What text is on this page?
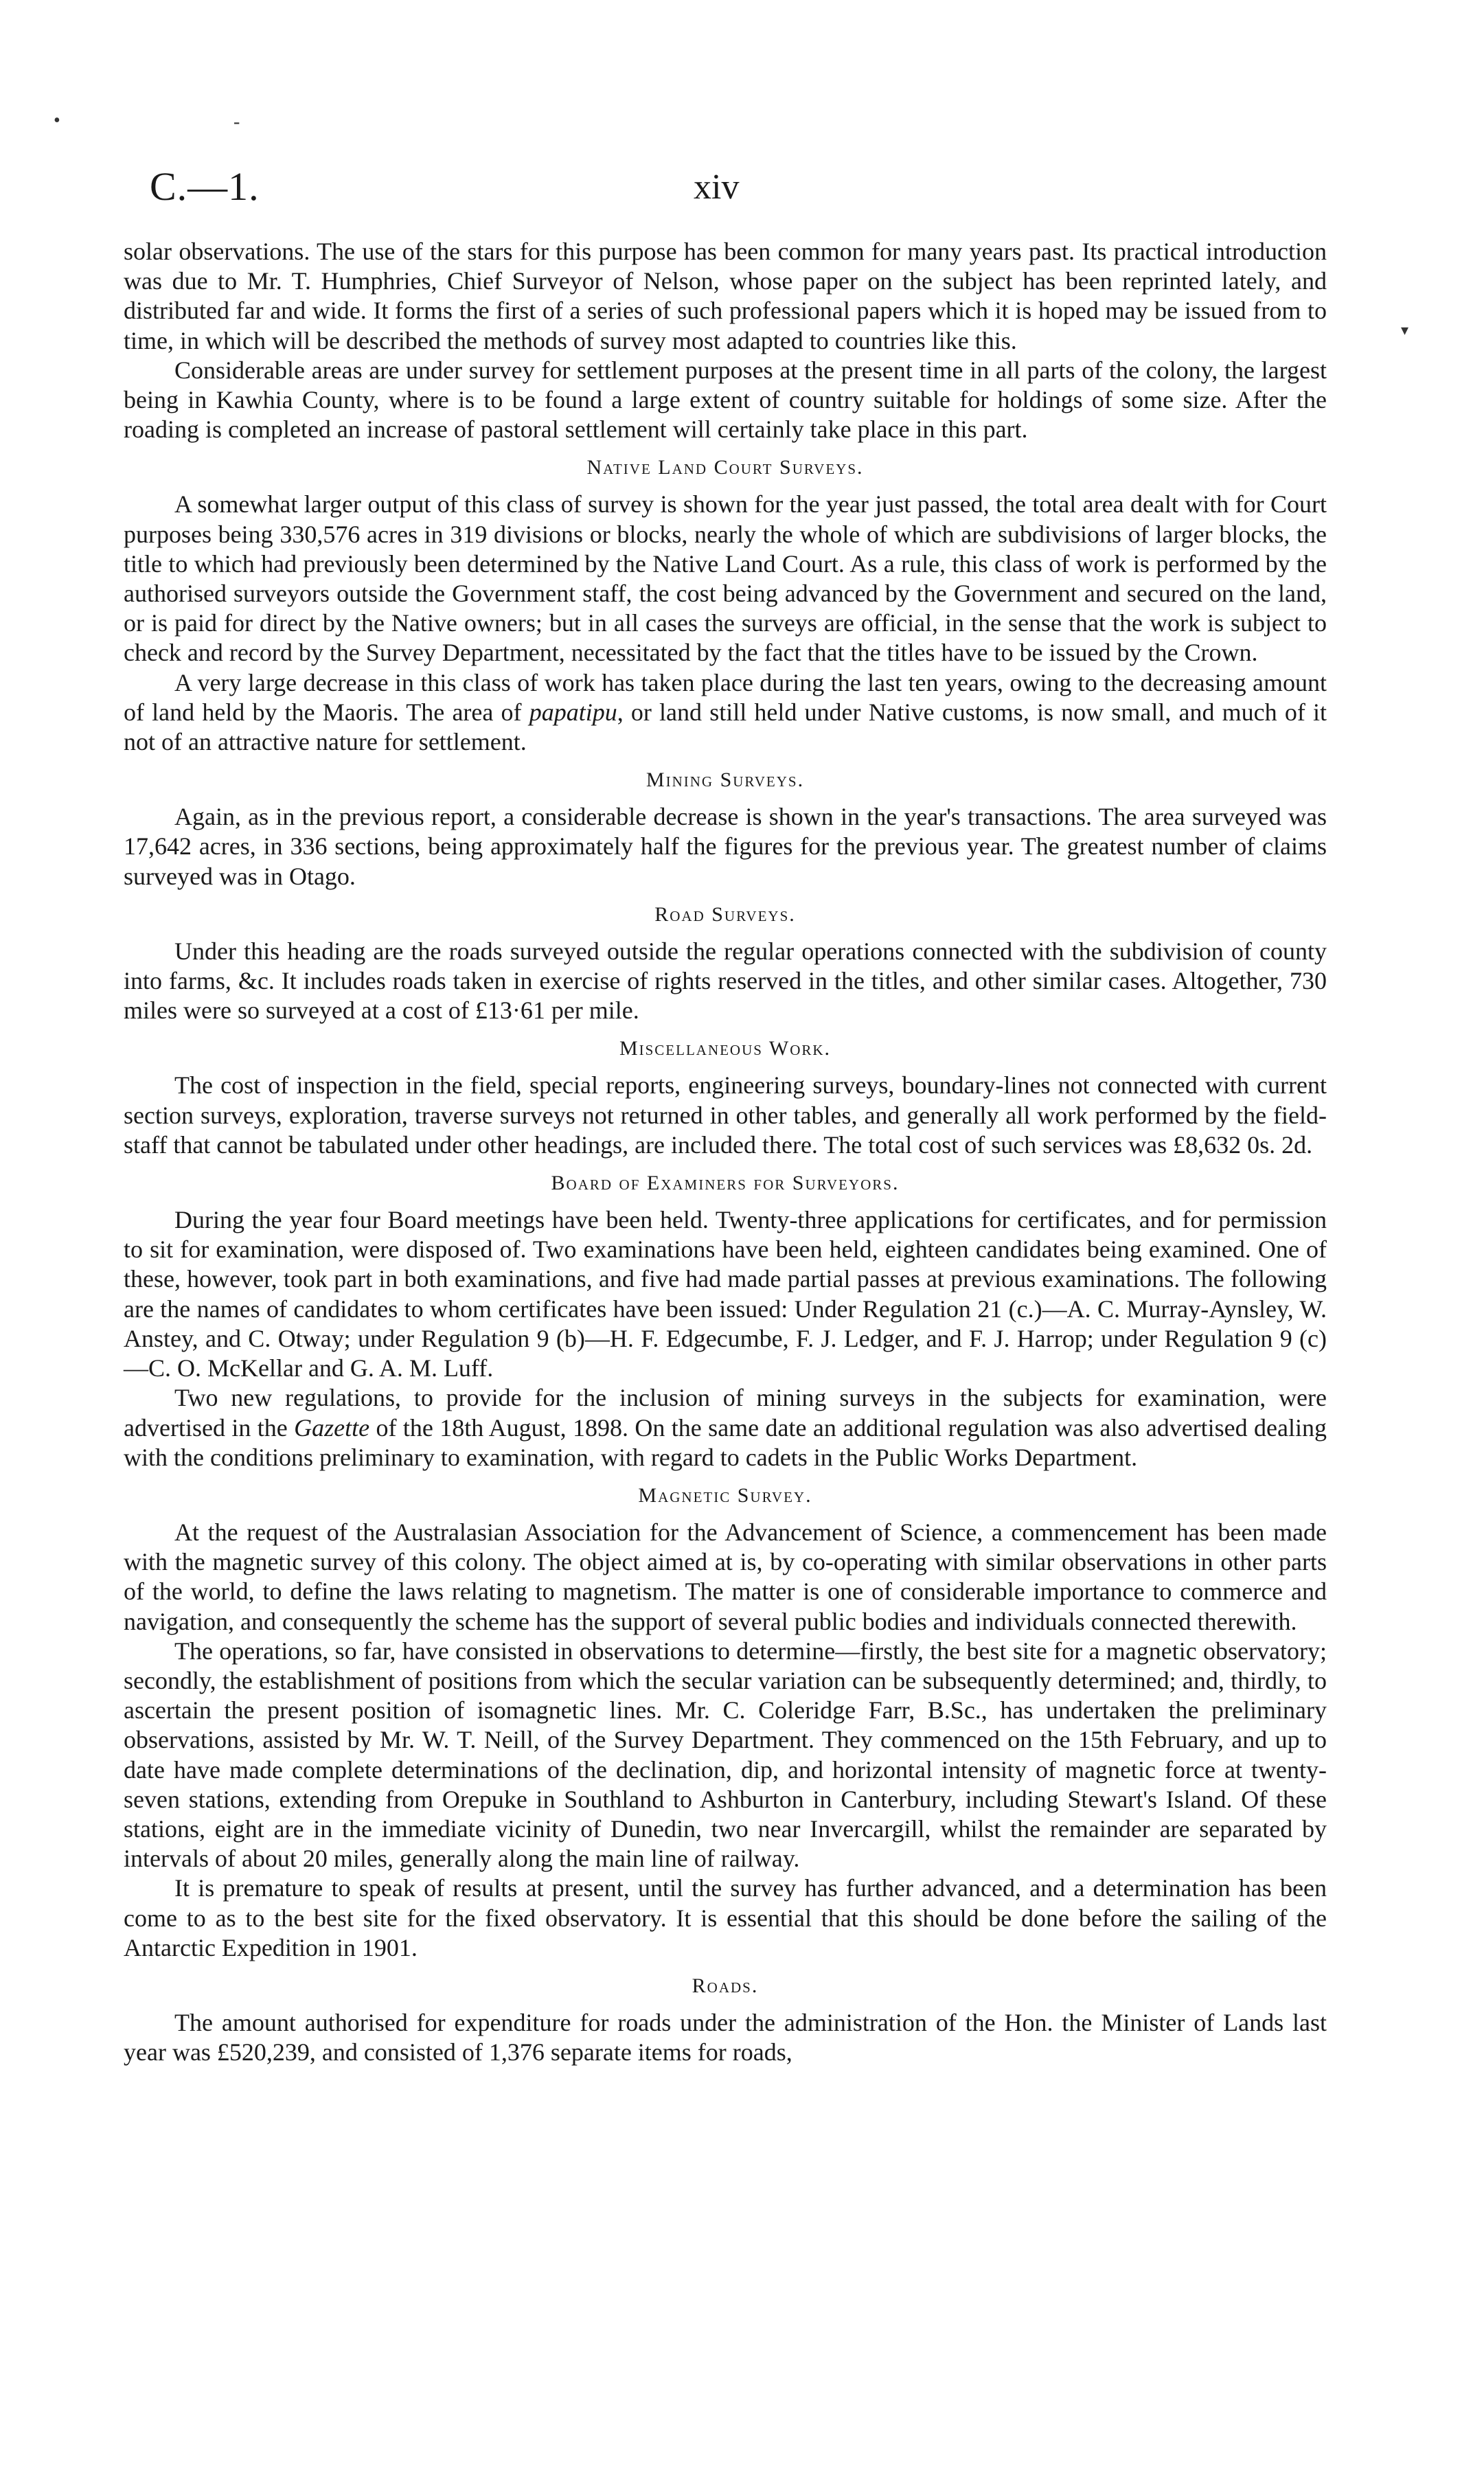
•	‑
▾
C.—1.	xiv

solar observations. The use of the stars for this purpose has been common for many years past. Its practical introduction was due to Mr. T. Humphries, Chief Surveyor of Nelson, whose paper on the subject has been reprinted lately, and distributed far and wide. It forms the first of a series of such professional papers which it is hoped may be issued from to time, in which will be described the methods of survey most adapted to countries like this.

Considerable areas are under survey for settlement purposes at the present time in all parts of the colony, the largest being in Kawhia County, where is to be found a large extent of country suitable for holdings of some size. After the roading is completed an increase of pastoral settlement will certainly take place in this part.

Native Land Court Surveys.

A somewhat larger output of this class of survey is shown for the year just passed, the total area dealt with for Court purposes being 330,576 acres in 319 divisions or blocks, nearly the whole of which are subdivisions of larger blocks, the title to which had previously been determined by the Native Land Court. As a rule, this class of work is performed by the authorised surveyors outside the Government staff, the cost being advanced by the Government and secured on the land, or is paid for direct by the Native owners; but in all cases the surveys are official, in the sense that the work is subject to check and record by the Survey Department, necessitated by the fact that the titles have to be issued by the Crown.

A very large decrease in this class of work has taken place during the last ten years, owing to the decreasing amount of land held by the Maoris. The area of papatipu, or land still held under Native customs, is now small, and much of it not of an attractive nature for settlement.

Mining Surveys.

Again, as in the previous report, a considerable decrease is shown in the year's transactions. The area surveyed was 17,642 acres, in 336 sections, being approximately half the figures for the previous year. The greatest number of claims surveyed was in Otago.

Road Surveys.

Under this heading are the roads surveyed outside the regular operations connected with the subdivision of county into farms, &c. It includes roads taken in exercise of rights reserved in the titles, and other similar cases. Altogether, 730 miles were so surveyed at a cost of £13·61 per mile.

Miscellaneous Work.

The cost of inspection in the field, special reports, engineering surveys, boundary-lines not connected with current section surveys, exploration, traverse surveys not returned in other tables, and generally all work performed by the field-staff that cannot be tabulated under other headings, are included there. The total cost of such services was £8,632 0s. 2d.

Board of Examiners for Surveyors.

During the year four Board meetings have been held. Twenty-three applications for certificates, and for permission to sit for examination, were disposed of. Two examinations have been held, eighteen candidates being examined. One of these, however, took part in both examinations, and five had made partial passes at previous examinations. The following are the names of candidates to whom certificates have been issued: Under Regulation 21 (c.)—A. C. Murray-Aynsley, W. Anstey, and C. Otway; under Regulation 9 (b)—H. F. Edgecumbe, F. J. Ledger, and F. J. Harrop; under Regulation 9 (c)—C. O. McKellar and G. A. M. Luff.

Two new regulations, to provide for the inclusion of mining surveys in the subjects for examination, were advertised in the Gazette of the 18th August, 1898. On the same date an additional regulation was also advertised dealing with the conditions preliminary to examination, with regard to cadets in the Public Works Department.

Magnetic Survey.

At the request of the Australasian Association for the Advancement of Science, a commencement has been made with the magnetic survey of this colony. The object aimed at is, by co-operating with similar observations in other parts of the world, to define the laws relating to magnetism. The matter is one of considerable importance to commerce and navigation, and consequently the scheme has the support of several public bodies and individuals connected therewith.

The operations, so far, have consisted in observations to determine—firstly, the best site for a magnetic observatory; secondly, the establishment of positions from which the secular variation can be subsequently determined; and, thirdly, to ascertain the present position of isomagnetic lines. Mr. C. Coleridge Farr, B.Sc., has undertaken the preliminary observations, assisted by Mr. W. T. Neill, of the Survey Department. They commenced on the 15th February, and up to date have made complete determinations of the declination, dip, and horizontal intensity of magnetic force at twenty-seven stations, extending from Orepuke in Southland to Ashburton in Canterbury, including Stewart's Island. Of these stations, eight are in the immediate vicinity of Dunedin, two near Invercargill, whilst the remainder are separated by intervals of about 20 miles, generally along the main line of railway.

It is premature to speak of results at present, until the survey has further advanced, and a determination has been come to as to the best site for the fixed observatory. It is essential that this should be done before the sailing of the Antarctic Expedition in 1901.

Roads.

The amount authorised for expenditure for roads under the administration of the Hon. the Minister of Lands last year was £520,239, and consisted of 1,376 separate items for roads,
